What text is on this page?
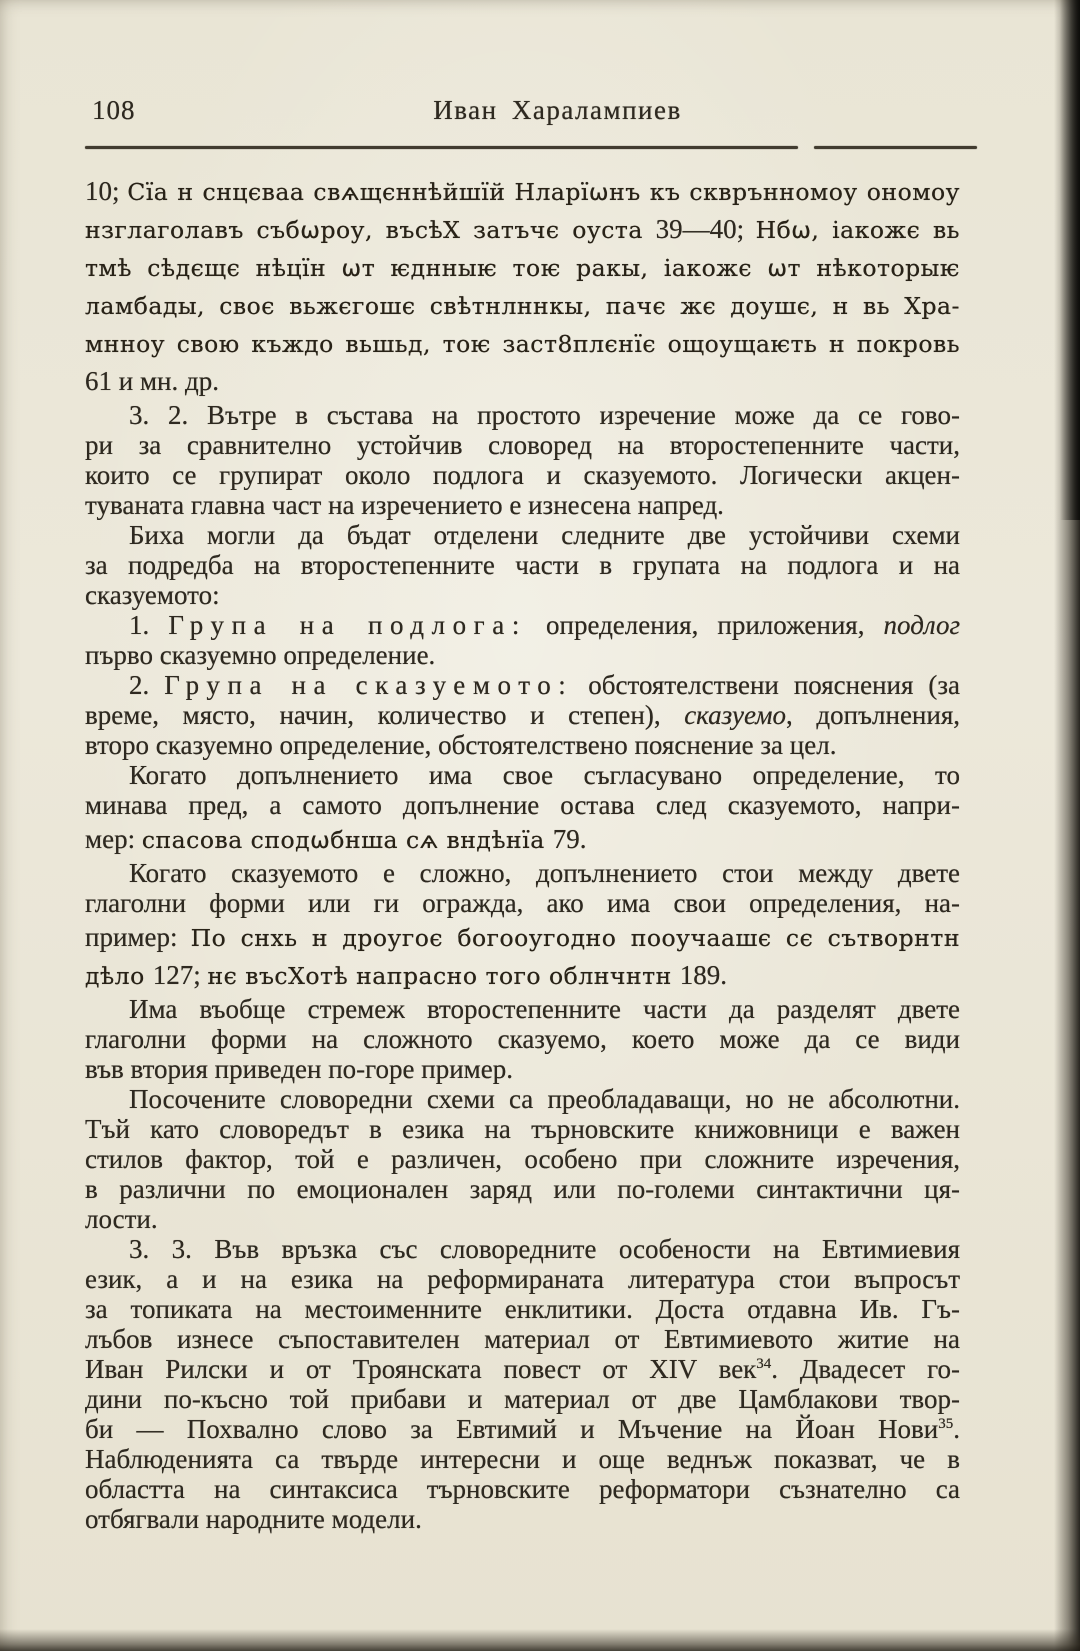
108	Иван Харалампиев
10; Сїа н снцєваа свѧщєннѣйшїй Нларїѡнъ къ скврънномоу ономоу
нзглаголавъ събѡроу, въсѣХ затъчє оуста 39—40; Нбѡ, іакожє вь
тмѣ сѣдєщє нѣцїн ѡт ѥднныѥ тоѥ ракы, іакожє ѡт нѣкоторыѥ
ламбады, своє вьжєгошє свѣтнлннкы, пачє жє доушє, н вь Хра-
мнноу свою къждо вьшьд, тоѥ заст8плєнїє ощоущаѥть н покровь
61 и мн. др.
3. 2. Вътре в състава на простото изречение може да се гово-
ри за сравнително устойчив словоред на второстепенните части,
които се групират около подлога и сказуемото. Логически акцен-
туваната главна част на изречението е изнесена напред.
Биха могли да бъдат отделени следните две устойчиви схеми
за подредба на второстепенните части в групата на подлога и на
сказуемото:
1. Група на подлога: определения, приложения, подлог
първо сказуемно определение.
2. Група на сказуемото: обстоятелствени пояснения (за
време, място, начин, количество и степен), сказуемо, допълнения,
второ сказуемно определение, обстоятелствено пояснение за цел.
Когато допълнението има свое съгласувано определение, то
минава пред, а самото допълнение остава след сказуемото, напри-
мер: спасова сподѡбнша сѧ вндѣнїа 79.
Когато сказуемото е сложно, допълнението стои между двете
глаголни форми или ги огражда, ако има свои определения, на-
пример: По снхь н дроугоє богооугодно пооучаашє сє сътворнтн
дѣло 127; нє въсХотѣ напрасно того облнчнтн 189.
Има въобще стремеж второстепенните части да разделят двете
глаголни форми на сложното сказуемо, което може да се види
във втория приведен по-горе пример.
Посочените словоредни схеми са преобладаващи, но не абсолютни.
Тъй като словоредът в езика на търновските книжовници е важен
стилов фактор, той е различен, особено при сложните изречения,
в различни по емоционален заряд или по-големи синтактични ця-
лости.
3. 3. Във връзка със словоредните особености на Евтимиевия
език, а и на езика на реформираната литература стои въпросът
за топиката на местоименните енклитики. Доста отдавна Ив. Гъ-
лъбов изнесе съпоставителен материал от Евтимиевото житие на
Иван Рилски и от Троянската повест от XIV век$^{34}$. Двадесет го-
дини по-късно той прибави и материал от две Цамблакови твор-
би — Похвално слово за Евтимий и Мъчение на Йоан Нови$^{35}$.
Наблюденията са твърде интересни и още веднъж показват, че в
областта на синтаксиса търновските реформатори съзнателно са
отбягвали народните модели.
